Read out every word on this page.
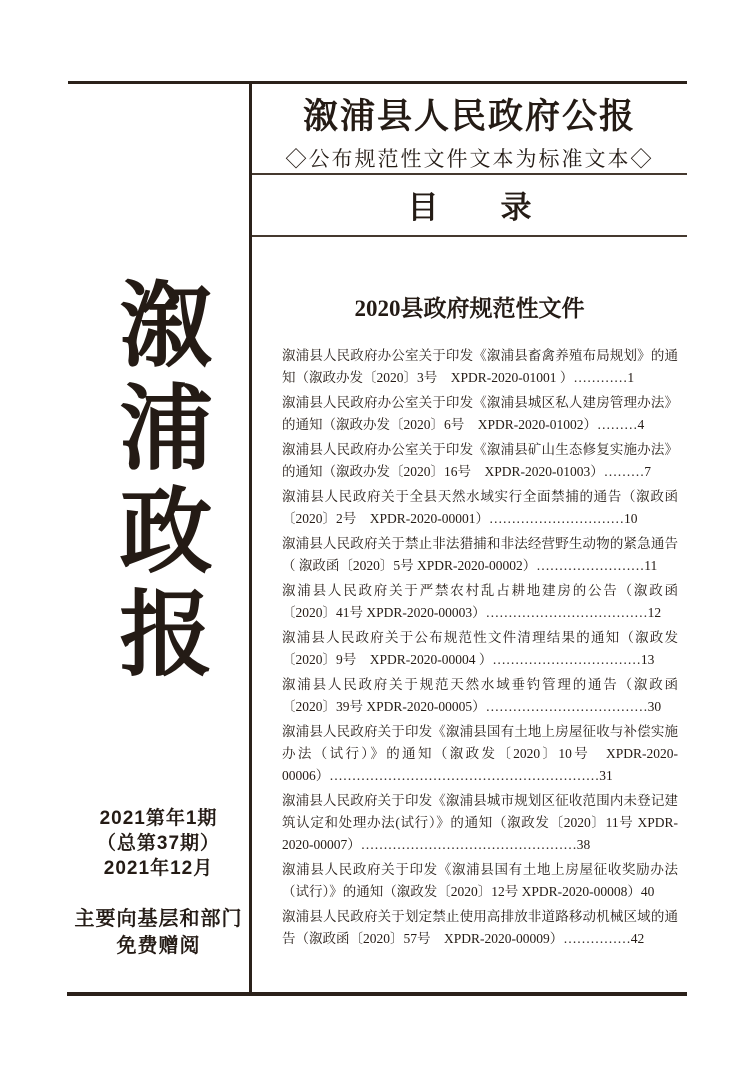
溆浦政报
2021第年1期
（总第37期）
2021年12月
主要向基层和部门
免费赠阅
溆浦县人民政府公报
◇公布规范性文件文本为标准文本◇
目　　录
2020县政府规范性文件
溆浦县人民政府办公室关于印发《溆浦县畜禽养殖布局规划》的通知（溆政办发〔2020〕3号　XPDR-2020-01001 ）…………1
溆浦县人民政府办公室关于印发《溆浦县城区私人建房管理办法》的通知（溆政办发〔2020〕6号　XPDR-2020-01002）………4
溆浦县人民政府办公室关于印发《溆浦县矿山生态修复实施办法》的通知（溆政办发〔2020〕16号　XPDR-2020-01003）………7
溆浦县人民政府关于全县天然水域实行全面禁捕的通告（溆政函〔2020〕2号　XPDR-2020-00001）…………………………10
溆浦县人民政府关于禁止非法猎捕和非法经营野生动物的紧急通告（ 溆政函〔2020〕5号 XPDR-2020-00002）……………………11
溆浦县人民政府关于严禁农村乱占耕地建房的公告（溆政函〔2020〕41号 XPDR-2020-00003）………………………………12
溆浦县人民政府关于公布规范性文件清理结果的通知（溆政发〔2020〕9号　XPDR-2020-00004 ）……………………………13
溆浦县人民政府关于规范天然水域垂钓管理的通告（溆政函〔2020〕39号 XPDR-2020-00005）………………………………30
溆浦县人民政府关于印发《溆浦县国有土地上房屋征收与补偿实施办法（试行）》的通知（溆政发〔2020〕10号　XPDR-2020-00006）……………………………………………………31
溆浦县人民政府关于印发《溆浦县城市规划区征收范围内未登记建筑认定和处理办法(试行）》的通知（溆政发〔2020〕11号 XPDR-2020-00007）…………………………………………38
溆浦县人民政府关于印发《溆浦县国有土地上房屋征收奖励办法（试行）》的通知（溆政发〔2020〕12号 XPDR-2020-00008）40
溆浦县人民政府关于划定禁止使用高排放非道路移动机械区域的通告（溆政函〔2020〕57号　XPDR-2020-00009）……………42
